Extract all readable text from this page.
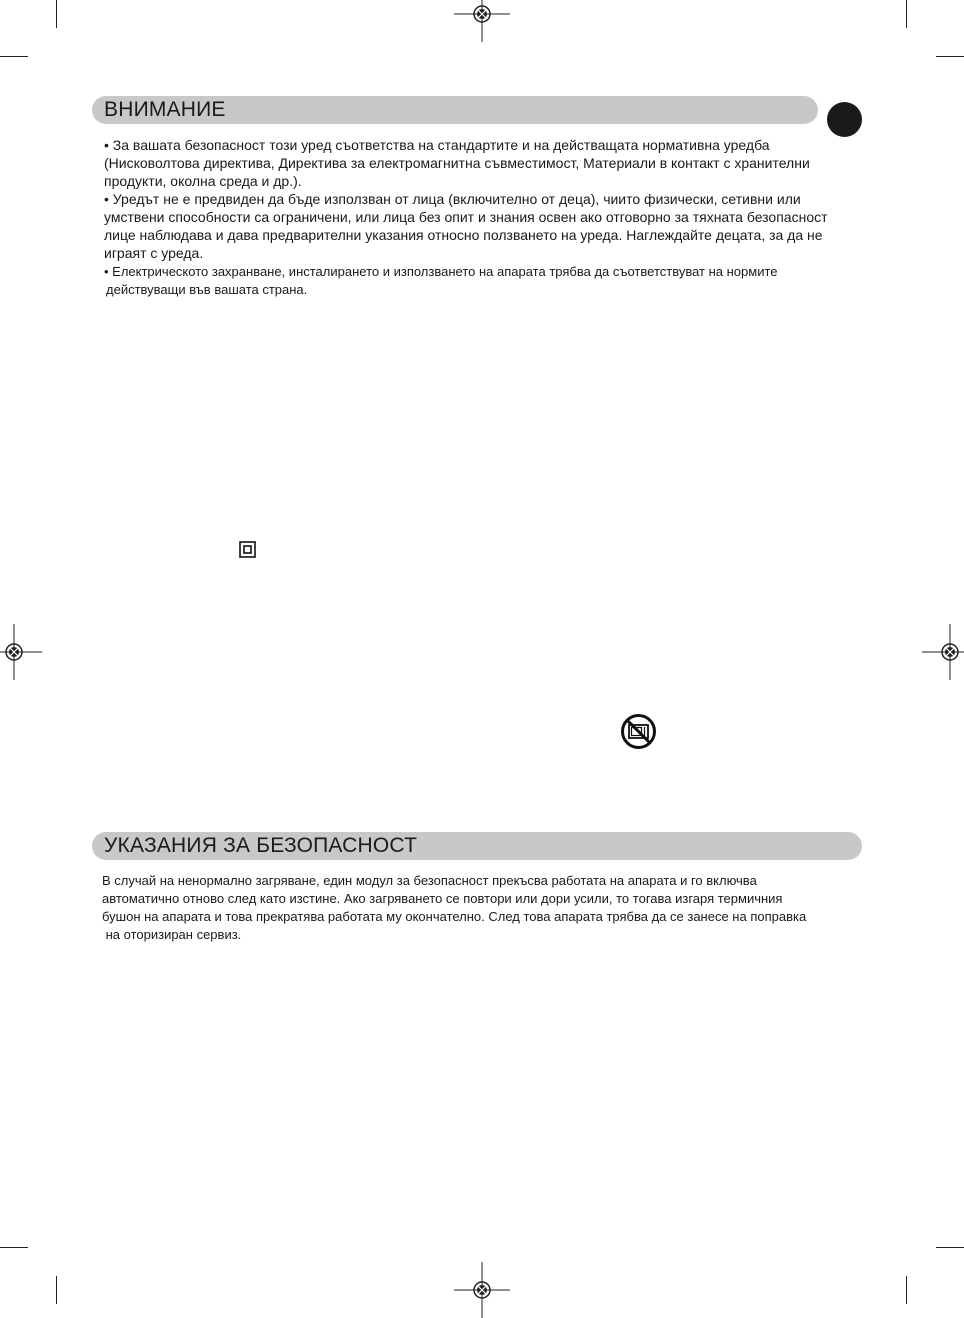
ВНИМАНИЕ
• За вашата безопасност този уред съответства на стандартите и на действащата нормативна уредба
(Нисковолтова директива, Директива за електромагнитна съвместимост, Материали в контакт с хранителни
продукти, околна среда и др.).
• Уредът не е предвиден да бъде използван от лица (включително от деца), чиито физически, сетивни или
умствени способности са ограничени, или лица без опит и знания освен ако отговорно за тяхната безопасност
лице наблюдава и дава предварителни указания относно ползването на уреда. Наглеждайте децата, за да не
играят с уреда.
• Електрическото захранване, инсталирането и използването на апарата трябва да съответствуват на нормите
действуващи във вашата страна.
УКАЗАНИЯ ЗА БЕЗОПАСНОСТ
В случай на ненормално загряване, един модул за безопасност прекъсва работата на апарата и го включва
автоматично отново след като изстине. Ако загряването се повтори или дори усили, то тогава изгаря термичния
бушон на апарата и това прекратява работата му окончателно. След това апарата трябва да се занесе на поправка
на оторизиран сервиз.
